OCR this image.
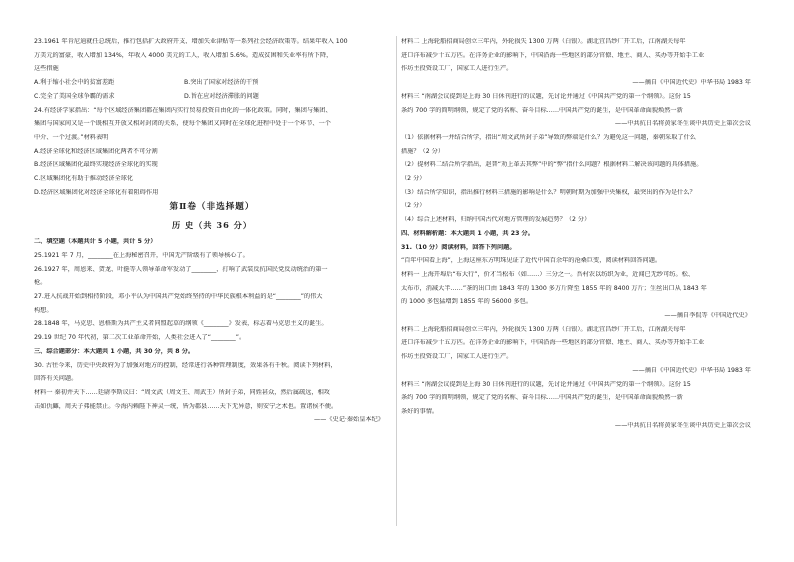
23.1961 年肯尼迪就任总统后，推行包括扩大政府开支、增加失业津贴等一系列社会经济政策等。结果年收入 100

万美元的富豪，收入增加 134%，年收入 4000 美元的工人，收入增加 5.6%。造成贫困和失业率有所下降，

这些措施

A.利于缩小社会中的贫富差距	B.突出了国家对经济的干预
C.完全了美国全球争霸的需求	D.旨在应对经济滞胀的问题

24.有经济学家指出：“每个区域经济集团都在集团内实行贸易投资自由化的一体化政策。同时，集团与集团、

集团与国家间又是一个既相互开放又相对封闭的关系，使每个集团又同时在全球化进程中处于一个环节、一个

中介、一个过渡。”材料表明

A.经济全球化和经济区域集团化两者不可分割

B.经济区域集团化最终实现经济全球化的实现

C.区域集团化有助于推动经济全球化

D.经济区域集团化对经济全球化有着阻碍作用

第Ⅱ卷（非选择题）
历 史（共 36 分）

二、填空题（本题共计 5 小题，共计 5 分）

25.1921 年 7 月，________在上海秘密召开，中国无产阶级有了领导核心了。

26.1927 年，周恩来、贺龙、叶挺等人领导革命军发动了________，打响了武装反抗国民党反动统治的第一

枪。

27.进入抗战开始到相持阶段，邓小平认为中国共产党始终坚持的中华民族根本利益的是“________”的伟大

构想。

28.1848 年，马克思、恩格斯为共产主义者同盟起草的纲领《________》发表，标志着马克思主义的诞生。

29.19 世纪 70 年代初，第二次工业革命开始，人类社会进入了“________”。

三、综合题部分：本大题共 1 小题，共 30 分，共 8 分。

30. 古往今来，历史中央政府为了加强对地方的控制，经常进行各种管理制度，效果各有千秋。阅读下列材料，

回答有关问题。

材料一 秦初并天下……廷尉李斯议曰：“周文武（周文王、周武王）所封子弟，同姓甚众，然后属疏远，相攻

击如仇雠，周天子弗能禁止。今海内赖陛下神灵一统，皆为郡县……天下无异意，则安宁之术也。置诸侯不便。

——《史记·秦始皇本纪》

材料二 上海轮船招商局创立三年内，外轮损失 1300 万两（白银）。湖北宜昌纱厂开工后，江南湖关每年

进口洋布减少十五万匹。在洋务企业的影响下，中国沿海一些地区的部分官僚、地主、商人、买办等开始手工业

作坊主投资设工厂，国家工人进行生产。

——摘自《中国近代史》中华书局 1983 年

材料三 “南湖会议提到是上海 30 日休刊进行的议题，先讨论并通过《中国共产党的第一个纲领》。这份 15

条约 700 字的简明纲领，规定了党的名称、奋斗目标……中国共产党的诞生，是中国革命面貌焕然一新

——中共抗日名将黄家冬生谈中共历史上第次会议

（1）依据材料一并结合所学，指出“周文武所封子弟”导致的弊端是什么？为避免这一问题，秦朝采取了什么

措施？（2 分）

（2）提材料二结合所学指出，赵普“劝上革去其弊”中的“弊”指什么问题？根据材料二解决该问题的具体措施。

（2 分）

（3）结合所学知识，指出推行材料三措施的影响是什么？明朝时期为加强中央集权，最突出的作为是什么？

（2 分）

（4）综合上述材料，归纳中国古代对地方管理的发展趋势？（2 分）

四、材料解析题：本大题共 1 小题，共 23 分。

31.（10 分）阅读材料，回答下列问题。

“百年中国看上海”，上海这座东方明珠见证了近代中国百余年的沧桑巨变，阅读材料回答问题。

材料一 上海开埠后“布大行”，价才当松布（如……）三分之一。吾村农以纺织为业，近闻已无纱可纺。松、

太布市，消减大半……”茶的出口由 1843 年的 1300 多万斤降至 1855 年的 8400 万斤；生丝出口从 1843 年

的 1000 多包猛增到 1855 年的 56000 多包。

——摘自李侃等《中国近代史》

材料二 上海轮船招商局创立三年内，外轮损失 1300 万两（白银）。湖北宜昌纱厂开工后，江南湖关每年

进口洋布减少十五万匹。在洋务企业的影响下，中国沿海一些地区的部分官僚、地主、商人、买办等开始手工业

作坊主投资设工厂，国家工人进行生产。

——摘自《中国近代史》中华书局 1983 年

材料三 “南湖会议提到是上海 30 日休刊进行的议题，先讨论并通过《中国共产党的第一个纲领》。这份 15

条约 700 字的简明纲领，规定了党的名称、奋斗目标……中国共产党的诞生，是中国革命面貌焕然一新

条好的事情。

——中共抗日名将黄家冬生谈中共历史上第次会议
